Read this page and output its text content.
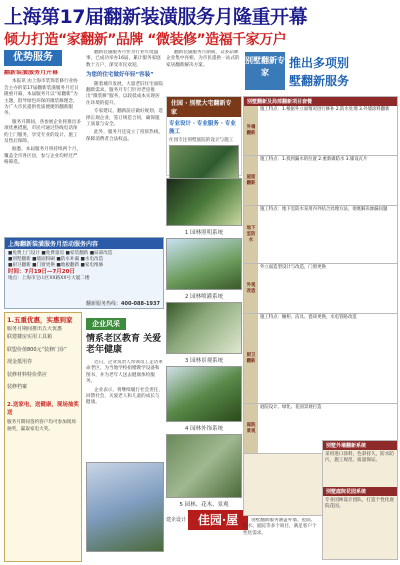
上海第17届翻新装潢服务月隆重开幕
倾力打造“家翻新”品牌 “微装修”造福千家万户
优势服务
翻新装潢服务月开幕

本报讯 由上海市装饰装修行业协会主办的第17届翻新装潢服务月近日隆重开幕，本届服务月以“家翻新”为主题，倡导绿色环保的微装修理念，为广大市民提供优质便捷的翻新服务。

服务月期间，各参展企业将推出多项优惠措施，市民可通过热线电话预约上门服务，享受专业的设计、施工及售后保障。

据悉，本届服务月将持续两个月，覆盖全市各区县，参与企业均经过严格筛选。

上海翻新装潢服务月活动服务内容
■免费上门设计 ■免费量房 ■家装翻新 ■局部改造
■别墅翻新 ■墙面粉刷 ■防水补漏 ■水电改造
■厨卫翻新 ■门窗更换 ■地板翻新 ■家电维修
时间：7月19日—7月20日
地点：上海市宝山区XX路XX号大厦二楼

翻新装潢服务月作为行业年度盛事，已成功举办16届，累计服务家庭数十万户，深受市民欢迎。

为您的住宅做好年轻“容装”

随着城市发展，大量老旧住宅面临翻新需求。服务月专门针对老房推出“微装修”服务，以较低成本实现居住环境的提升。

专家建议，翻新前应做好规划，选择正规企业，签订规范合同，确保施工质量与安全。

此外，服务月还设立了投诉热线，保障消费者合法权益。

翻新装潢服务月期间，众多品牌企业集中亮相，为市民提供一站式的家居翻新解决方案。

1.五重优惠，实惠到家
服务月期间推出五大优惠
联建楼房实用工具箱
联盟价值800元“装修门诊”
现金抵用券
装修材料特价供应
装修档案
2.送家电，送健康，现场抽奖送
服务月期间签约客户均可参加现场抽奖，赢取家电大奖。
企业风采
情系老区教育 关爱老年健康

近日，企业负责人带领员工走访革命老区，为当地学校捐赠教学设备和图书，并为老年人送去健康体检服务。

企业表示，将继续履行社会责任，回馈社会，关爱老人和儿童的成长与健康。

翻新服务热线：400-088-1937
住园 · 别墅大宅翻新专家
专业设计 · 专业服务 · 专业施工
住园专注别墅庭院的设计与施工
1 园林照明系统
2 园林喷灌系统
3 园林景观系统
4 园林外饰系统
5 园林、花木、景观
佳园·屋
建企设计
别墅翻新专家
推出多项别
墅翻新服务
别墅翻新及局部翻新项目套餐
外墙翻新
施工特点：1.根据外立面情况进行修补 2.防水处理 3.外墙涂料翻新
屋面翻新
施工特点：1.找到漏水的位置 2.重新做防水 3.铺设瓦片
地下室防水
施工特点：地下室防水采用内外结合处理方法，彻底解决渗漏问题
外观改造
外立面造型设计与改造，门窗更换
厨卫翻新
施工特点：橱柜、洁具、瓷砖更换，水电管路改造
庭院景观
庭院设计、绿化、花园景观打造
别墅外墙翻新系统
采用进口涂料，色彩持久，防水防污，施工规范，质量保证。
别墅庭院花园系统
专业园林设计团队，打造个性化庭院花园。

别墅翻新服务涵盖外墙、屋面、防水、庭院等多个项目，满足客户个性化需求。
